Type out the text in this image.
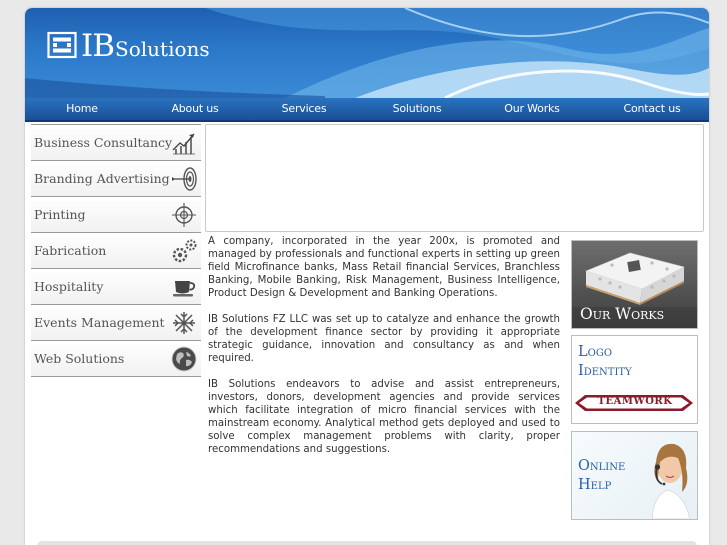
IB Solutions
Home	About us	Services	Solutions	Our Works	Contact us
Business Consultancy
Branding Advertising
Printing
Fabrication
Hospitality
Events Management
Web Solutions

A company, incorporated in the year 200x, is promoted and managed by professionals and functional experts in setting up green field Microfinance banks, Mass Retail financial Services, Branchless Banking, Mobile Banking, Risk Management, Business Intelligence, Product Design & Development and Banking Operations.

IB Solutions FZ LLC was set up to catalyze and enhance the growth of the development finance sector by providing it appropriate strategic guidance, innovation and consultancy as and when required.

IB Solutions endeavors to advise and assist entrepreneurs, investors, donors, development agencies and provide services which facilitate integration of micro financial services with the mainstream economy. Analytical method gets deployed and used to solve complex management problems with clarity, proper recommendations and suggestions.

Our Works
Logo
Identity
TEAMWORK
Online
Help
